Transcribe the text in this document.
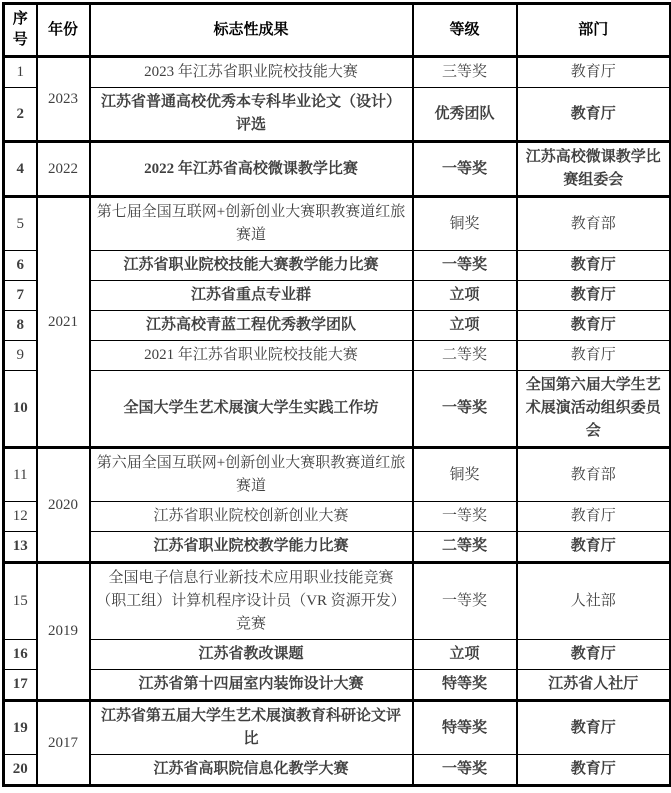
序号	年份	标志性成果	等级	部门
1	2023	2023 年江苏省职业院校技能大赛	三等奖	教育厅
2		江苏省普通高校优秀本专科毕业论文（设计）评选	优秀团队	教育厅
4	2022	2022 年江苏省高校微课教学比赛	一等奖	江苏高校微课教学比赛组委会
5	2021	第七届全国互联网+创新创业大赛职教赛道红旅赛道	铜奖	教育部
6		江苏省职业院校技能大赛教学能力比赛	一等奖	教育厅
7		江苏省重点专业群	立项	教育厅
8		江苏高校青蓝工程优秀教学团队	立项	教育厅
9		2021 年江苏省职业院校技能大赛	二等奖	教育厅
10		全国大学生艺术展演大学生实践工作坊	一等奖	全国第六届大学生艺术展演活动组织委员会
11	2020	第六届全国互联网+创新创业大赛职教赛道红旅赛道	铜奖	教育部
12		江苏省职业院校创新创业大赛	一等奖	教育厅
13		江苏省职业院校教学能力比赛	二等奖	教育厅
15	2019	全国电子信息行业新技术应用职业技能竞赛（职工组）计算机程序设计员（VR 资源开发）竞赛	一等奖	人社部
16		江苏省教改课题	立项	教育厅
17		江苏省第十四届室内装饰设计大赛	特等奖	江苏省人社厅
19	2017	江苏省第五届大学生艺术展演教育科研论文评比	特等奖	教育厅
20		江苏省高职院信息化教学大赛	一等奖	教育厅
